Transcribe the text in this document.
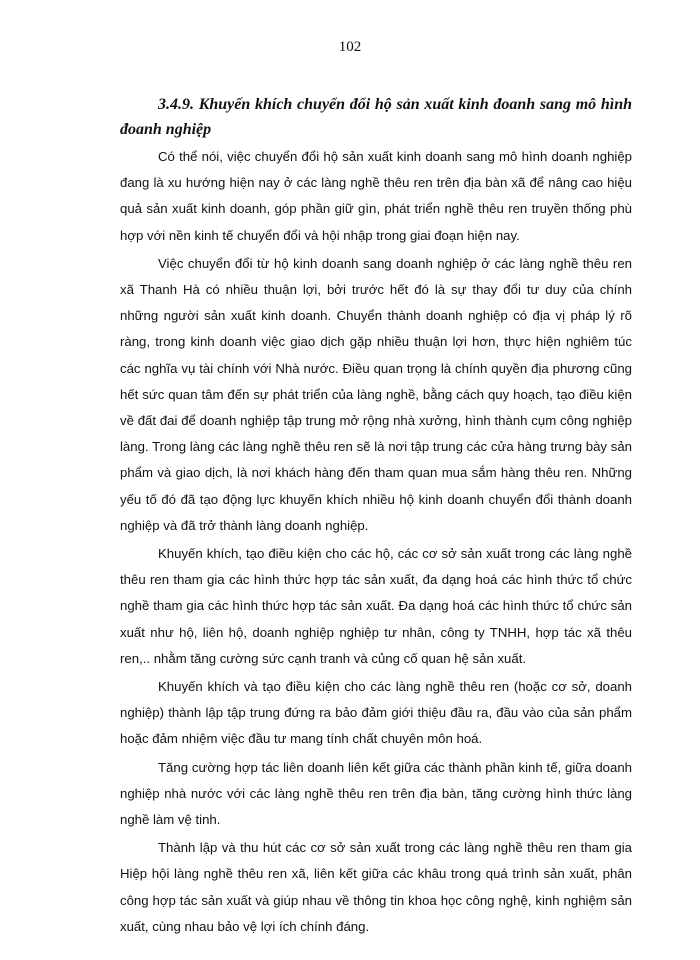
102

3.4.9. Khuyến khích chuyển đổi hộ sản xuất kinh đoanh sang mô hình đoanh nghiệp

Có thể nói, việc chuyển đổi hộ sản xuất kinh doanh sang mô hình doanh nghiệp đang là xu hướng hiện nay ở các làng nghề thêu ren trên địa bàn xã để nâng cao hiệu quả sản xuất kinh doanh, góp phần giữ gìn, phát triển nghề thêu ren truyền thống phù hợp với nền kinh tế chuyển đổi và hội nhập trong giai đoạn hiện nay.

Việc chuyển đổi từ hộ kinh doanh sang doanh nghiệp ở các làng nghề thêu ren xã Thanh Hà có nhiều thuận lợi, bởi trước hết đó là sự thay đổi tư duy của chính những người sản xuất kinh doanh. Chuyển thành doanh nghiệp có địa vị pháp lý rõ ràng, trong kinh doanh việc giao dịch gặp nhiều thuận lợi hơn, thực hiện nghiêm túc các nghĩa vụ tài chính với Nhà nước. Điều quan trọng là chính quyền địa phương cũng hết sức quan tâm đến sự phát triển của làng nghề, bằng cách quy hoạch, tạo điều kiện về đất đai để doanh nghiệp tập trung mở rộng nhà xưởng, hình thành cụm công nghiệp làng. Trong làng các làng nghề thêu ren sẽ là nơi tập trung các cửa hàng trưng bày sản phẩm và giao dịch, là nơi khách hàng đến tham quan mua sắm hàng thêu ren. Những yếu tố đó đã tạo động lực khuyến khích nhiều hộ kinh doanh chuyển đổi thành doanh nghiệp và đã trở thành làng doanh nghiệp.

Khuyến khích, tạo điều kiện cho các hộ, các cơ sở sản xuất trong các làng nghề thêu ren tham gia các hình thức hợp tác sản xuất, đa dạng hoá các hình thức tổ chức nghề tham gia các hình thức hợp tác sản xuất. Đa dạng hoá các hình thức tổ chức sản xuất như hộ, liên hộ, doanh nghiệp nghiệp tư nhân, công ty TNHH, hợp tác xã thêu ren,.. nhằm tăng cường sức cạnh tranh và củng cố quan hệ sản xuất.

Khuyến khích và tạo điều kiện cho các làng nghề thêu ren (hoặc cơ sở, doanh nghiệp) thành lập tập trung đứng ra bảo đảm giới thiệu đầu ra, đầu vào của sản phẩm hoặc đảm nhiệm việc đầu tư mang tính chất chuyên môn hoá.

Tăng cường hợp tác liên doanh liên kết giữa các thành phần kinh tế, giữa doanh nghiệp nhà nước với các làng nghề thêu ren trên địa bàn, tăng cường hình thức làng nghề làm vệ tinh.

Thành lập và thu hút các cơ sở sản xuất trong các làng nghề thêu ren tham gia Hiệp hội làng nghề thêu ren xã, liên kết giữa các khâu trong quá trình sản xuất, phân công hợp tác sản xuất và giúp nhau về thông tin khoa học công nghệ, kinh nghiệm sản xuất, cùng nhau bảo vệ lợi ích chính đáng.
